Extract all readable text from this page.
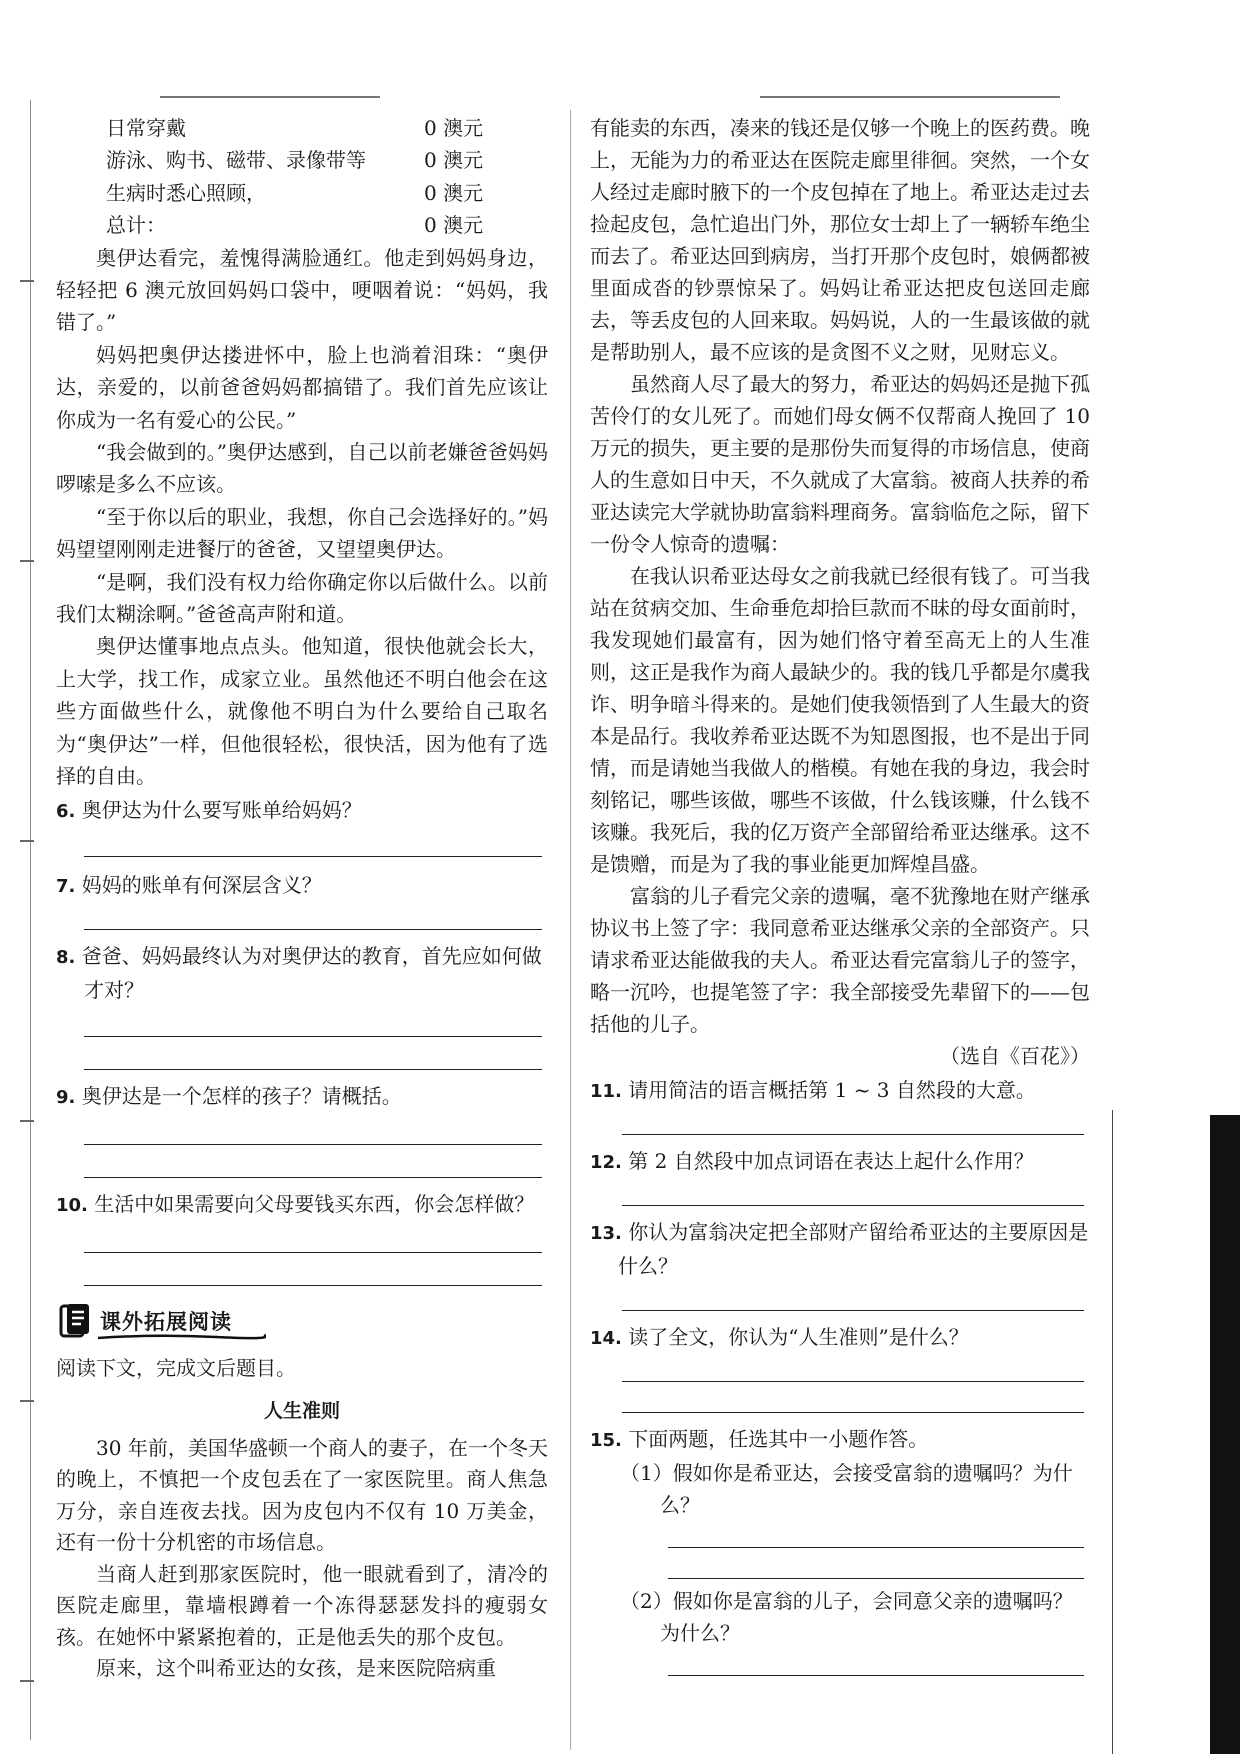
日常穿戴	0 澳元
游泳、购书、磁带、录像带等	0 澳元
生病时悉心照顾，	0 澳元
总计：	0 澳元

奥伊达看完，羞愧得满脸通红。他走到妈妈身边，轻轻把 6 澳元放回妈妈口袋中，哽咽着说：“妈妈，我错了。”

妈妈把奥伊达搂进怀中，脸上也淌着泪珠：“奥伊达，亲爱的，以前爸爸妈妈都搞错了。我们首先应该让你成为一名有爱心的公民。”

“我会做到的。”奥伊达感到，自己以前老嫌爸爸妈妈啰嗦是多么不应该。

“至于你以后的职业，我想，你自己会选择好的。”妈妈望望刚刚走进餐厅的爸爸，又望望奥伊达。

“是啊，我们没有权力给你确定你以后做什么。以前我们太糊涂啊。”爸爸高声附和道。

奥伊达懂事地点点头。他知道，很快他就会长大，上大学，找工作，成家立业。虽然他还不明白他会在这些方面做些什么，就像他不明白为什么要给自己取名为“奥伊达”一样，但他很轻松，很快活，因为他有了选择的自由。

6. 奥伊达为什么要写账单给妈妈？

7. 妈妈的账单有何深层含义？

8. 爸爸、妈妈最终认为对奥伊达的教育，首先应如何做才对？

9. 奥伊达是一个怎样的孩子？请概括。

10. 生活中如果需要向父母要钱买东西，你会怎样做？

课外拓展阅读

阅读下文，完成文后题目。

人生准则

30 年前，美国华盛顿一个商人的妻子，在一个冬天的晚上，不慎把一个皮包丢在了一家医院里。商人焦急万分，亲自连夜去找。因为皮包内不仅有 10 万美金，还有一份十分机密的市场信息。

当商人赶到那家医院时，他一眼就看到了，清冷的医院走廊里，靠墙根蹲着一个冻得瑟瑟发抖的瘦弱女孩。在她怀中紧紧抱着的，正是他丢失的那个皮包。

原来，这个叫希亚达的女孩，是来医院陪病重

有能卖的东西，凑来的钱还是仅够一个晚上的医药费。晚上，无能为力的希亚达在医院走廊里徘徊。突然，一个女人经过走廊时腋下的一个皮包掉在了地上。希亚达走过去捡起皮包，急忙追出门外，那位女士却上了一辆轿车绝尘而去了。希亚达回到病房，当打开那个皮包时，娘俩都被里面成沓的钞票惊呆了。妈妈让希亚达把皮包送回走廊去，等丢皮包的人回来取。妈妈说，人的一生最该做的就是帮助别人，最不应该的是贪图不义之财，见财忘义。

虽然商人尽了最大的努力，希亚达的妈妈还是抛下孤苦伶仃的女儿死了。而她们母女俩不仅帮商人挽回了 10 万元的损失，更主要的是那份失而复得的市场信息，使商人的生意如日中天，不久就成了大富翁。被商人扶养的希亚达读完大学就协助富翁料理商务。富翁临危之际，留下一份令人惊奇的遗嘱：

在我认识希亚达母女之前我就已经很有钱了。可当我站在贫病交加、生命垂危却拾巨款而不昧的母女面前时，我发现她们最富有，因为她们恪守着至高无上的人生准则，这正是我作为商人最缺少的。我的钱几乎都是尔虞我诈、明争暗斗得来的。是她们使我领悟到了人生最大的资本是品行。我收养希亚达既不为知恩图报，也不是出于同情，而是请她当我做人的楷模。有她在我的身边，我会时刻铭记，哪些该做，哪些不该做，什么钱该赚，什么钱不该赚。我死后，我的亿万资产全部留给希亚达继承。这不是馈赠，而是为了我的事业能更加辉煌昌盛。

富翁的儿子看完父亲的遗嘱，毫不犹豫地在财产继承协议书上签了字：我同意希亚达继承父亲的全部资产。只请求希亚达能做我的夫人。希亚达看完富翁儿子的签字，略一沉吟，也提笔签了字：我全部接受先辈留下的——包括他的儿子。

（选自《百花》）

11. 请用简洁的语言概括第 1 ~ 3 自然段的大意。

12. 第 2 自然段中加点词语在表达上起什么作用？

13. 你认为富翁决定把全部财产留给希亚达的主要原因是什么？

14. 读了全文，你认为“人生准则”是什么？

15. 下面两题，任选其中一小题作答。

（1）假如你是希亚达，会接受富翁的遗嘱吗？为什么？

（2）假如你是富翁的儿子，会同意父亲的遗嘱吗？为什么？
